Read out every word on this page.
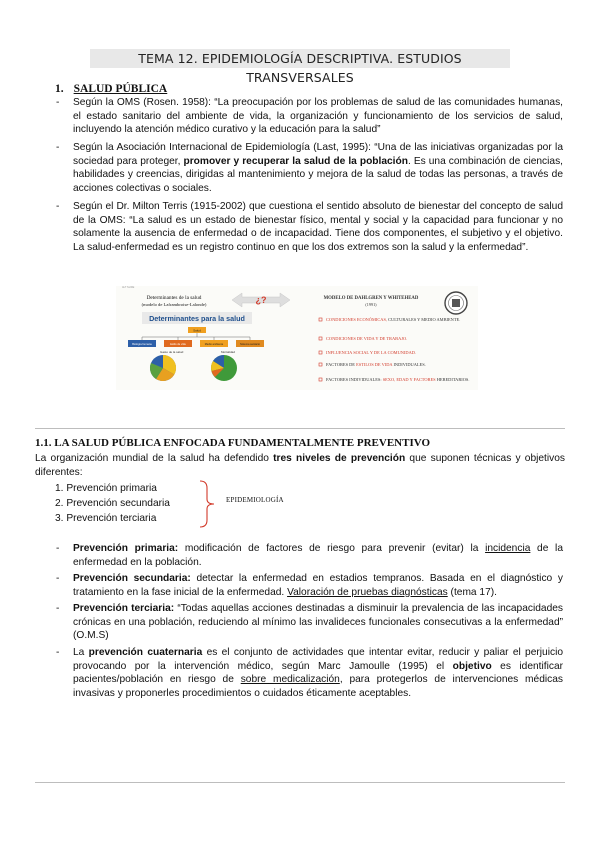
TEMA 12. EPIDEMIOLOGÍA DESCRIPTIVA. ESTUDIOS TRANSVERSALES
1. SALUD PÚBLICA
- Según la OMS (Rosen. 1958): “La preocupación por los problemas de salud de las comunidades humanas, el estado sanitario del ambiente de vida, la organización y funcionamiento de los servicios de salud, incluyendo la atención médico curativo y la educación para la salud”
- Según la Asociación Internacional de Epidemiología (Last, 1995): “Una de las iniciativas organizadas por la sociedad para proteger, promover y recuperar la salud de la población. Es una combinación de ciencias, habilidades y creencias, dirigidas al mantenimiento y mejora de la salud de todas las personas, a través de acciones colectivas o sociales.
- Según el Dr. Milton Terris (1915-2002) que cuestiona el sentido absoluto de bienestar del concepto de salud de la OMS: “La salud es un estado de bienestar físico, mental y social y la capacidad para funcionar y no solamente la ausencia de enfermedad o de incapacidad. Tiene dos componentes, el subjetivo y el objetivo. La salud-enfermedad es un registro continuo en que los dos extremos son la salud y la enfermedad”.
ALT SLIDE
Determinantes de la salud
(modelo de Laframbroise-Lalonde)	¿?
Determinantes para la salud
Salud
Biología humana	Estilo de vida	Medio ambiente	Sistema sanitario
Gasto de la salud	Mortalidad
MODELO DE DAHLGREN Y WHITEHEAD
(1991)
CONDICIONES ECONÓMICAS, CULTURALES Y MEDIO AMBIENTE.
CONDICIONES DE VIDA Y DE TRABAJO.
INFLUENCIA SOCIAL Y DE LA COMUNIDAD.
FACTORES DE ESTILOS DE VIDA INDIVIDUALES.
FACTORES INDIVIDUALES: SEXO, EDAD Y FACTORES HEREDITARIOS.
1.1. LA SALUD PÚBLICA ENFOCADA FUNDAMENTALMENTE PREVENTIVO
La organización mundial de la salud ha defendido tres niveles de prevención que suponen técnicas y objetivos diferentes:
1. Prevención primaria
2. Prevención secundaria
3. Prevención terciaria
EPIDEMIOLOGÍA
- Prevención primaria: modificación de factores de riesgo para prevenir (evitar) la incidencia de la enfermedad en la población.
- Prevención secundaria: detectar la enfermedad en estadios tempranos. Basada en el diagnóstico y tratamiento en la fase inicial de la enfermedad. Valoración de pruebas diagnósticas (tema 17).
- Prevención terciaria: “Todas aquellas acciones destinadas a disminuir la prevalencia de las incapacidades crónicas en una población, reduciendo al mínimo las invalideces funcionales consecutivas a la enfermedad” (O.M.S)
- La prevención cuaternaria es el conjunto de actividades que intentar evitar, reducir y paliar el perjuicio provocando por la intervención médico, según Marc Jamoulle (1995) el objetivo es identificar pacientes/población en riesgo de sobre medicalización, para protegerlos de intervenciones médicas invasivas y proponerles procedimientos o cuidados éticamente aceptables.
